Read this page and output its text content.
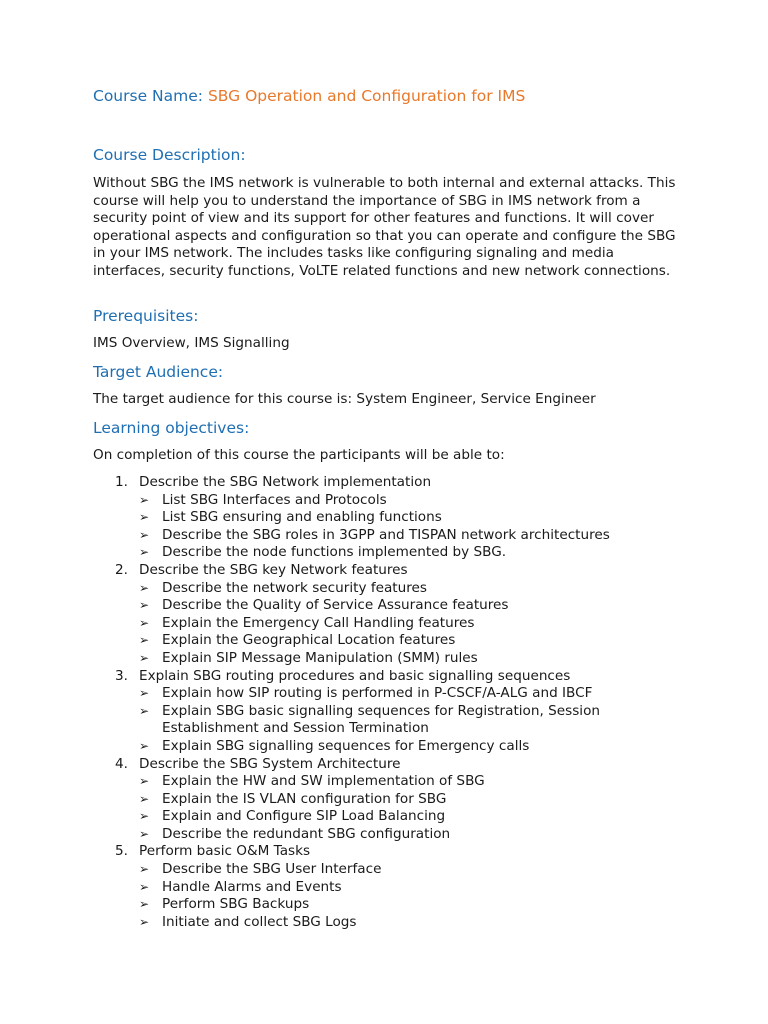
Course Name: SBG Operation and Configuration for IMS
Course Description:
Without SBG the IMS network is vulnerable to both internal and external attacks. This course will help you to understand the importance of SBG in IMS network from a security point of view and its support for other features and functions. It will cover operational aspects and configuration so that you can operate and configure the SBG in your IMS network. The includes tasks like configuring signaling and media interfaces, security functions, VoLTE related functions and new network connections.
Prerequisites:
IMS Overview, IMS Signalling
Target Audience:
The target audience for this course is: System Engineer, Service Engineer
Learning objectives:
On completion of this course the participants will be able to:
1. Describe the SBG Network implementation
➢ List SBG Interfaces and Protocols
➢ List SBG ensuring and enabling functions
➢ Describe the SBG roles in 3GPP and TISPAN network architectures
➢ Describe the node functions implemented by SBG.
2. Describe the SBG key Network features
➢ Describe the network security features
➢ Describe the Quality of Service Assurance features
➢ Explain the Emergency Call Handling features
➢ Explain the Geographical Location features
➢ Explain SIP Message Manipulation (SMM) rules
3. Explain SBG routing procedures and basic signalling sequences
➢ Explain how SIP routing is performed in P-CSCF/A-ALG and IBCF
➢ Explain SBG basic signalling sequences for Registration, Session Establishment and Session Termination
➢ Explain SBG signalling sequences for Emergency calls
4. Describe the SBG System Architecture
➢ Explain the HW and SW implementation of SBG
➢ Explain the IS VLAN configuration for SBG
➢ Explain and Configure SIP Load Balancing
➢ Describe the redundant SBG configuration
5. Perform basic O&M Tasks
➢ Describe the SBG User Interface
➢ Handle Alarms and Events
➢ Perform SBG Backups
➢ Initiate and collect SBG Logs
